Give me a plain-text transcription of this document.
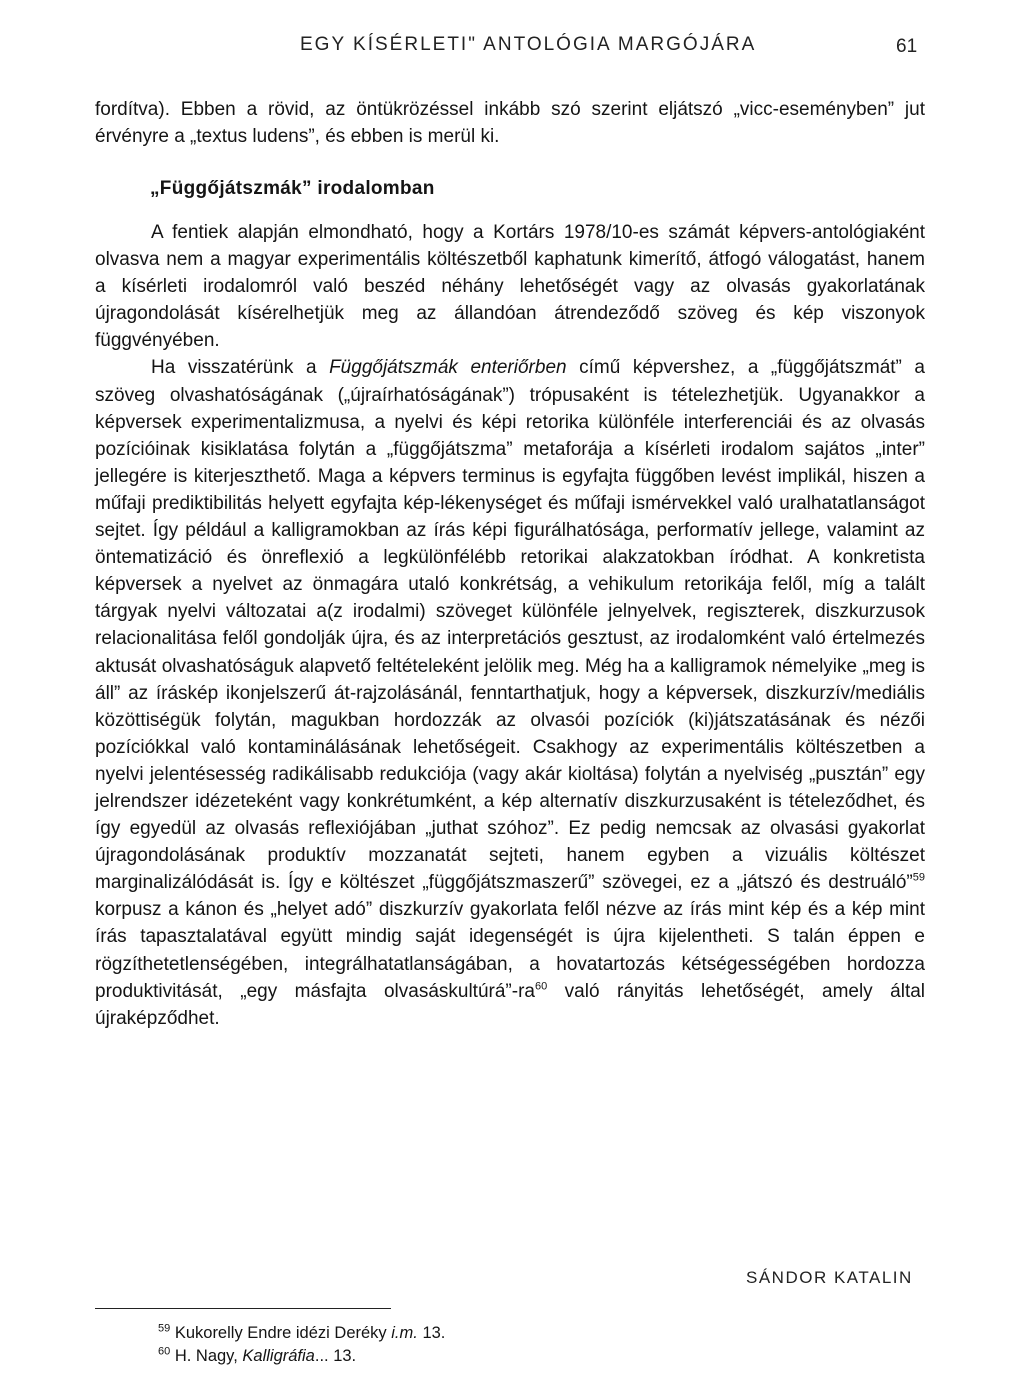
EGY KÍSÉRLETI" ANTOLÓGIA MARGÓJÁRA	61

fordítva). Ebben a rövid, az öntükrözéssel inkább szó szerint eljátszó „vicc-eseményben” jut érvényre a „textus ludens”, és ebben is merül ki.

„Függőjátszmák” irodalomban

A fentiek alapján elmondható, hogy a Kortárs 1978/10-es számát képvers-antológiaként olvasva nem a magyar experimentális költészetből kaphatunk kimerítő, átfogó válogatást, hanem a kísérleti irodalomról való beszéd néhány lehetőségét vagy az olvasás gyakorlatának újragondolását kísérelhetjük meg az állandóan átrendeződő szöveg és kép viszonyok függvényében.

Ha visszatérünk a Függőjátszmák enteriőrben című képvershez, a „függőjátszmát” a szöveg olvashatóságának („újraírhatóságának”) trópusaként is tételezhetjük. Ugyanakkor a képversek experimentalizmusa, a nyelvi és képi retorika különféle interferenciái és az olvasás pozícióinak kisiklatása folytán a „függőjátszma” metaforája a kísérleti irodalom sajátos „inter” jellegére is kiterjeszthető. Maga a képvers terminus is egyfajta függőben levést implikál, hiszen a műfaji prediktibilitás helyett egyfajta kép-lékenységet és műfaji ismérvekkel való uralhatatlanságot sejtet. Így például a kalligramokban az írás képi figurálhatósága, performatív jellege, valamint az öntematizáció és önreflexió a legkülönfélébb retorikai alakzatokban íródhat. A konkretista képversek a nyelvet az önmagára utaló konkrétság, a vehikulum retorikája felől, míg a talált tárgyak nyelvi változatai a(z irodalmi) szöveget különféle jelnyelvek, regiszterek, diszkurzusok relacionalitása felől gondolják újra, és az interpretációs gesztust, az irodalomként való értelmezés aktusát olvashatóságuk alapvető feltételeként jelölik meg. Még ha a kalligramok némelyike „meg is áll” az íráskép ikonjelszerű át-rajzolásánál, fenntarthatjuk, hogy a képversek, diszkurzív/mediális közöttiségük folytán, magukban hordozzák az olvasói pozíciók (ki)játszatásának és nézői pozíciókkal való kontaminálásának lehetőségeit. Csakhogy az experimentális költészetben a nyelvi jelentésesség radikálisabb redukciója (vagy akár kioltása) folytán a nyelviség „pusztán” egy jelrendszer idézeteként vagy konkrétumként, a kép alternatív diszkurzusaként is tételeződhet, és így egyedül az olvasás reflexiójában „juthat szóhoz”. Ez pedig nemcsak az olvasási gyakorlat újragondolásának produktív mozzanatát sejteti, hanem egyben a vizuális költészet marginalizálódását is. Így e költészet „függőjátszmaszerű” szövegei, ez a „játszó és destruáló”$^{59}$ korpusz a kánon és „helyet adó” diszkurzív gyakorlata felől nézve az írás mint kép és a kép mint írás tapasztalatával együtt mindig saját idegenségét is újra kijelentheti. S talán éppen e rögzíthetetlenségében, integrálhatatlanságában, a hovatartozás kétségességében hordozza produktivitását, „egy másfajta $olvasáskultúrá”-ra^{60}$ való rányitás lehetőségét, amely által újraképződhet.

SÁNDOR KATALIN
$^{59}$ Kukorelly Endre idézi Deréky i.m. 13.
$^{60}$ H. Nagy, Kalligráfia... 13.
